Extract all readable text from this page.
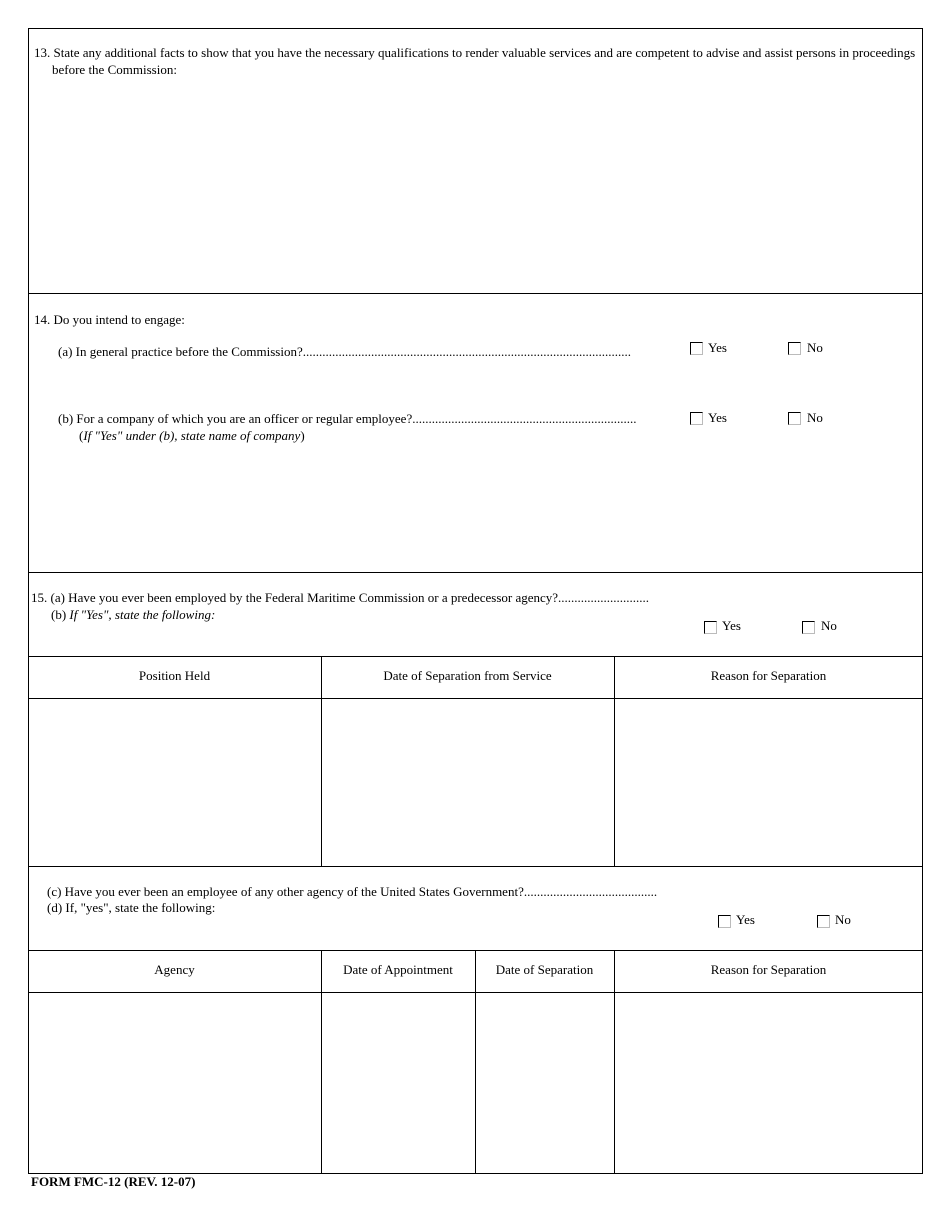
13. State any additional facts to show that you have the necessary qualifications to render valuable services and are competent to advise and assist persons in proceedings before the Commission:
14. Do you intend to engage:
(a) In general practice before the Commission?.....................................................................................................	Yes	No
(b) For a company of which you are an officer or regular employee?.....................................................................	Yes	No
(If "Yes" under (b), state name of company)
15. (a) Have you ever been employed by the Federal Maritime Commission or a predecessor agency?............................
(b) If "Yes", state the following:
Yes	No
Position Held	Date of Separation from Service	Reason for Separation
(c) Have you ever been an employee of any other agency of the United States Government?.........................................
(d) If, "yes", state the following:
Yes	No
Agency	Date of Appointment	Date of Separation	Reason for Separation
FORM FMC-12 (REV. 12-07)
